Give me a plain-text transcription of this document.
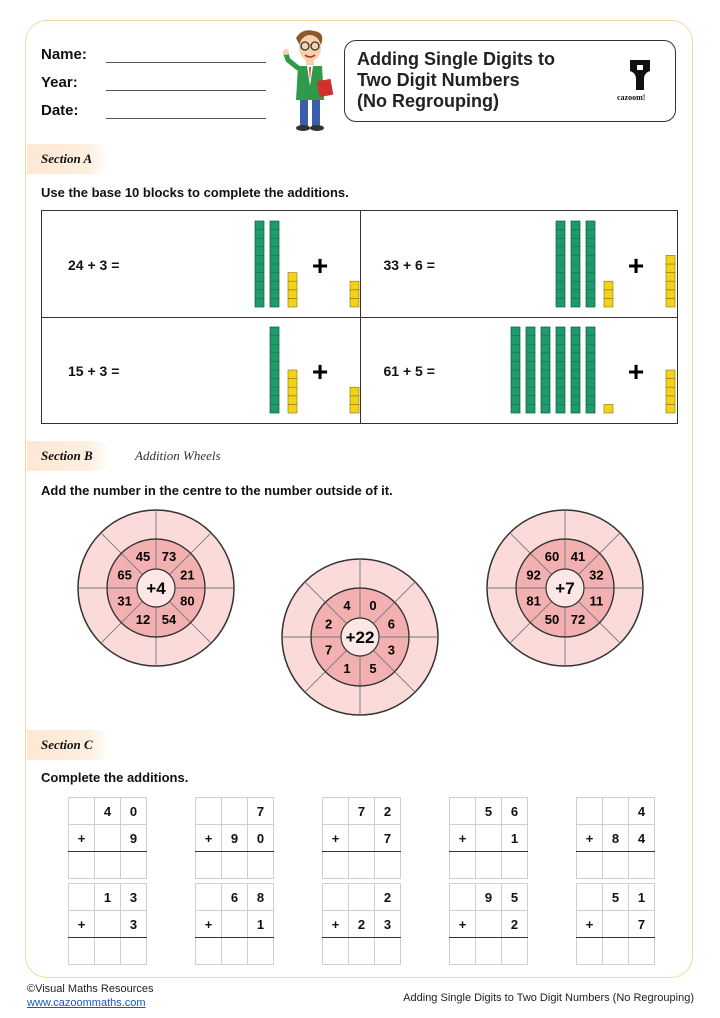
Name:
Year:
Date:
Adding Single Digits to
Two Digit Numbers
(No Regrouping)	cazoom!
Section A
Use the base 10 blocks to complete the additions.
24 + 3 =	+	33 + 6 =	+
15 + 3 =	+	61 + 5 =	+
Section B	Addition Wheels
Add the number in the centre to the number outside of it.
+4
73
21
80
54
12
31
65
45
+22
0
6
3
5
1
7
2
4
+7
41
32
11
72
50
81
92
60
Section C
Complete the additions.
	4	0
+		9

		7
+	9	0

	7	2
+		7

	5	6
+		1

		4
+	8	4

	1	3
+		3

	6	8
+		1

		2
+	2	3

	9	5
+		2

	5	1
+		7

©Visual Maths Resources
www.cazoommaths.com	Adding Single Digits to Two Digit Numbers (No Regrouping)
